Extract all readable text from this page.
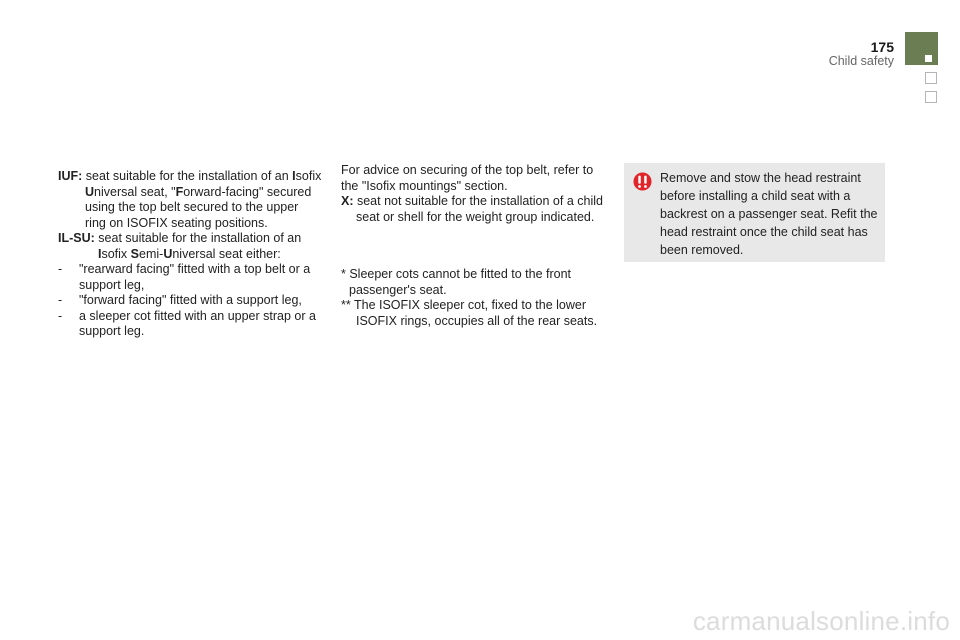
175
Child safety

IUF: seat suitable for the installation of an Isofix

Universal seat, "Forward-facing" secured
using the top belt secured to the upper
ring on ISOFIX seating positions.

IL-SU: seat suitable for the installation of an

Isofix Semi-Universal seat either:
-	"rearward facing" fitted with a top belt or a support leg,
-	"forward facing" fitted with a support leg,
-	a sleeper cot fitted with an upper strap or a support leg.

For advice on securing of the top belt, refer to the "Isofix mountings" section.

X: seat not suitable for the installation of a child
seat or shell for the weight group indicated.
* Sleeper cots cannot be fitted to the front
passenger's seat.
** The ISOFIX sleeper cot, fixed to the lower
ISOFIX rings, occupies all of the rear seats.
Remove and stow the head restraint before installing a child seat with a backrest on a passenger seat. Refit the head restraint once the child seat has been removed.
carmanualsonline.info
